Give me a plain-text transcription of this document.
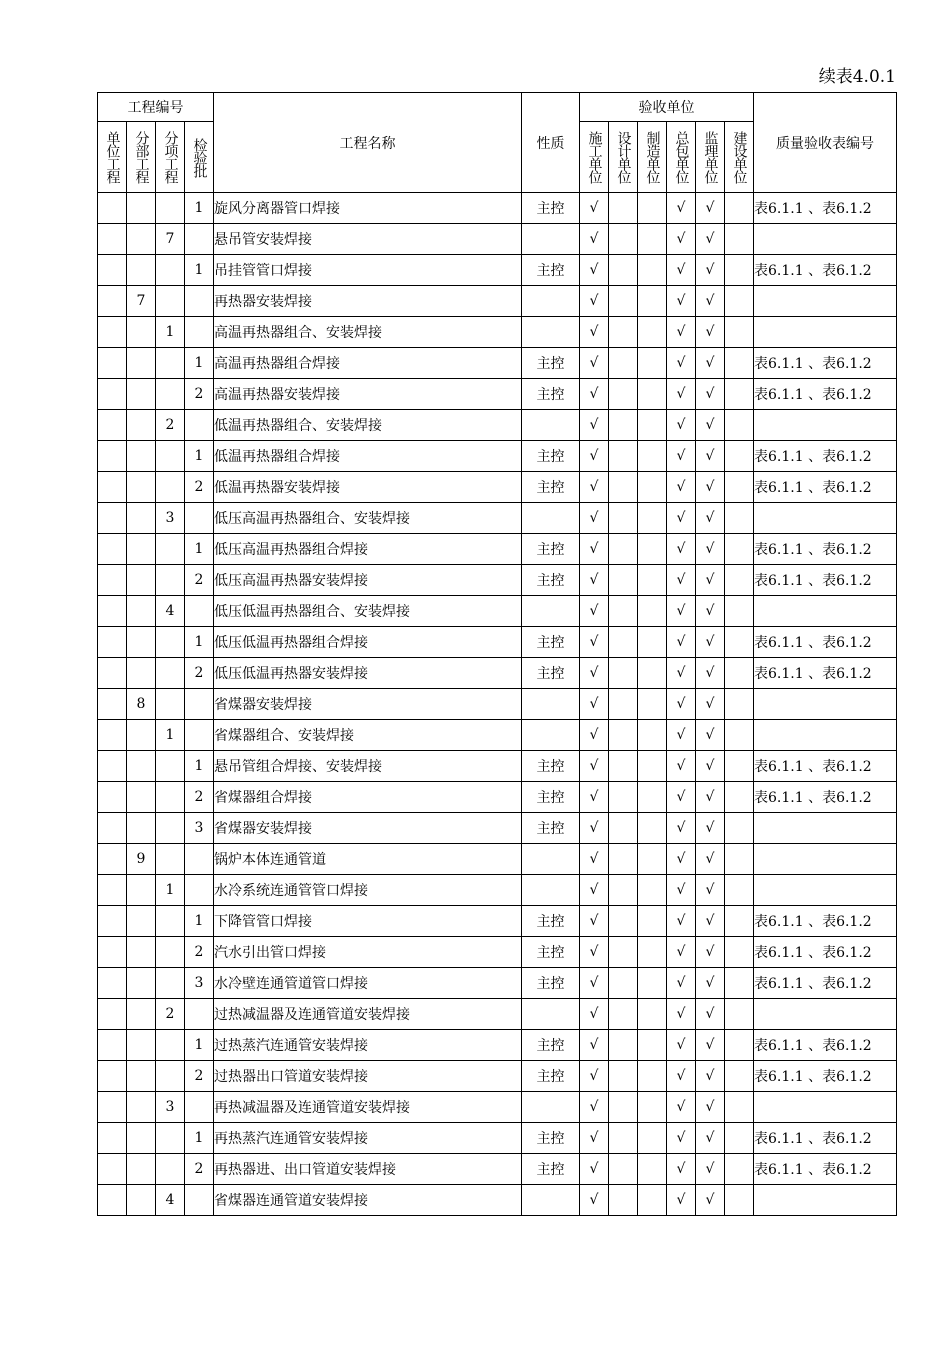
续表4.0.1
工程编号				工程名称	性质	验收单位						质量验收表编号

单位工程	分部工程	分项工程	检验批			施工单位	设计单位	制造单位	总包单位	监理单位	建设单位	

			1	旋风分离器管口焊接	主控	√			√	√		表6.1.1 、表6.1.2
		7		悬吊管安装焊接		√			√	√		
			1	吊挂管管口焊接	主控	√			√	√		表6.1.1 、表6.1.2
	7			再热器安装焊接		√			√	√		
		1		高温再热器组合、安装焊接		√			√	√		
			1	高温再热器组合焊接	主控	√			√	√		表6.1.1 、表6.1.2
			2	高温再热器安装焊接	主控	√			√	√		表6.1.1 、表6.1.2
		2		低温再热器组合、安装焊接		√			√	√		
			1	低温再热器组合焊接	主控	√			√	√		表6.1.1 、表6.1.2
			2	低温再热器安装焊接	主控	√			√	√		表6.1.1 、表6.1.2
		3		低压高温再热器组合、安装焊接		√			√	√		
			1	低压高温再热器组合焊接	主控	√			√	√		表6.1.1 、表6.1.2
			2	低压高温再热器安装焊接	主控	√			√	√		表6.1.1 、表6.1.2
		4		低压低温再热器组合、安装焊接		√			√	√		
			1	低压低温再热器组合焊接	主控	√			√	√		表6.1.1 、表6.1.2
			2	低压低温再热器安装焊接	主控	√			√	√		表6.1.1 、表6.1.2
	8			省煤器安装焊接		√			√	√		
		1		省煤器组合、安装焊接		√			√	√		
			1	悬吊管组合焊接、安装焊接	主控	√			√	√		表6.1.1 、表6.1.2
			2	省煤器组合焊接	主控	√			√	√		表6.1.1 、表6.1.2
			3	省煤器安装焊接	主控	√			√	√		
	9			锅炉本体连通管道		√			√	√		
		1		水冷系统连通管管口焊接		√			√	√		
			1	下降管管口焊接	主控	√			√	√		表6.1.1 、表6.1.2
			2	汽水引出管口焊接	主控	√			√	√		表6.1.1 、表6.1.2
			3	水冷壁连通管道管口焊接	主控	√			√	√		表6.1.1 、表6.1.2
		2		过热减温器及连通管道安装焊接		√			√	√		
			1	过热蒸汽连通管安装焊接	主控	√			√	√		表6.1.1 、表6.1.2
			2	过热器出口管道安装焊接	主控	√			√	√		表6.1.1 、表6.1.2
		3		再热减温器及连通管道安装焊接		√			√	√		
			1	再热蒸汽连通管安装焊接	主控	√			√	√		表6.1.1 、表6.1.2
			2	再热器进、出口管道安装焊接	主控	√			√	√		表6.1.1 、表6.1.2
		4		省煤器连通管道安装焊接		√			√	√		
